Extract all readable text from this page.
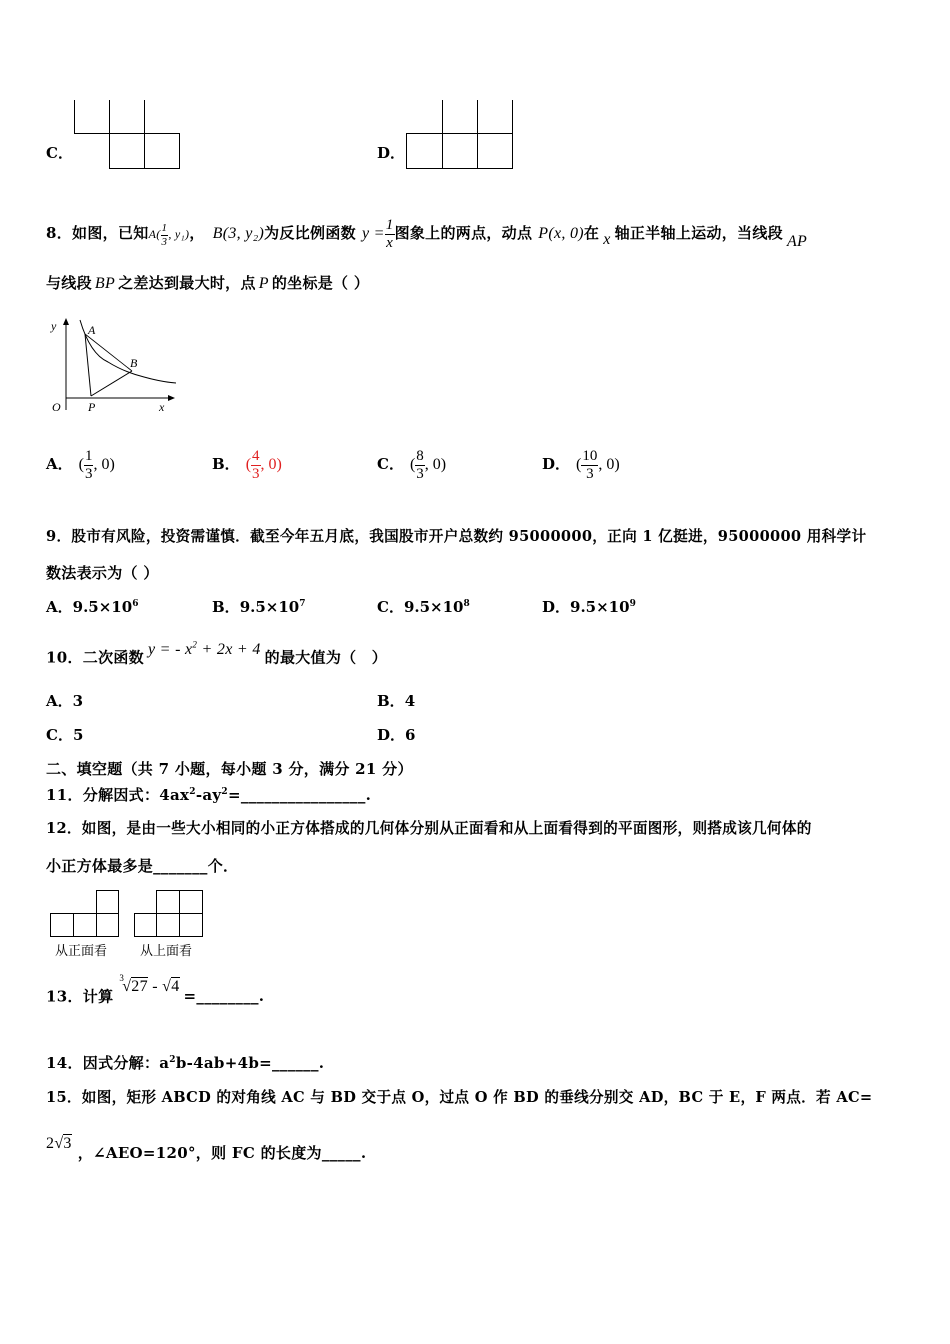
C．	D．
8．如图，已知$A( \frac{1}{3}$ , y₁)， B(3, y₂)为反比例函数 $y = \frac{1}{x}$ 图象上的两点，动点 P(x, 0)在 x 轴正半轴上运动，当线段 AP
与线段 BP 之差达到最大时，点 P 的坐标是（ ）
y	A
B
O P	x
A． ( $\frac{1}{3}$ , 0)	B． ( $\frac{4}{3}$ , 0)	C． ( $\frac{8}{3}$ , 0)	D． ( $\frac{10}{3}$ , 0)
9．股市有风险，投资需谨慎．截至今年五月底，我国股市开户总数约 95000000，正向 1 亿挺进，95000000 用科学计
数法表示为（ ）
A．$9.5\times 10^6$	B．$9.5\times 10^7$	C．$9.5\times 10^8$	D．$9.5\times 10^9$
10．二次函数 y = - $x^2 + 2x + 4$ 的最大值为（　）
A．3	B．4
C．5	D．6
二、填空题（共 7 小题，每小题 3 分，满分 21 分）
11．分解因式：$4ax^2-ay^2=\_\_\_\_\_\_\_\_\_\_\_\_\_\_\_\_$.
12．如图，是由一些大小相同的小正方体搭成的几何体分别从正面看和从上面看得到的平面图形，则搭成该几何体的
小正方体最多是_______个．
从正面看	从上面看
13．计算$^3$√27 - √4=________.
14．因式分解：$a^2b-4ab+4b=\_\_\_\_\_\_$.
15．如图，矩形 ABCD 的对角线 AC 与 BD 交于点 O，过点 O 作 BD 的垂线分别交 AD，BC 于 E，F 两点．若 AC=
2√3，∠AEO=120°，则 FC 的长度为_____.
